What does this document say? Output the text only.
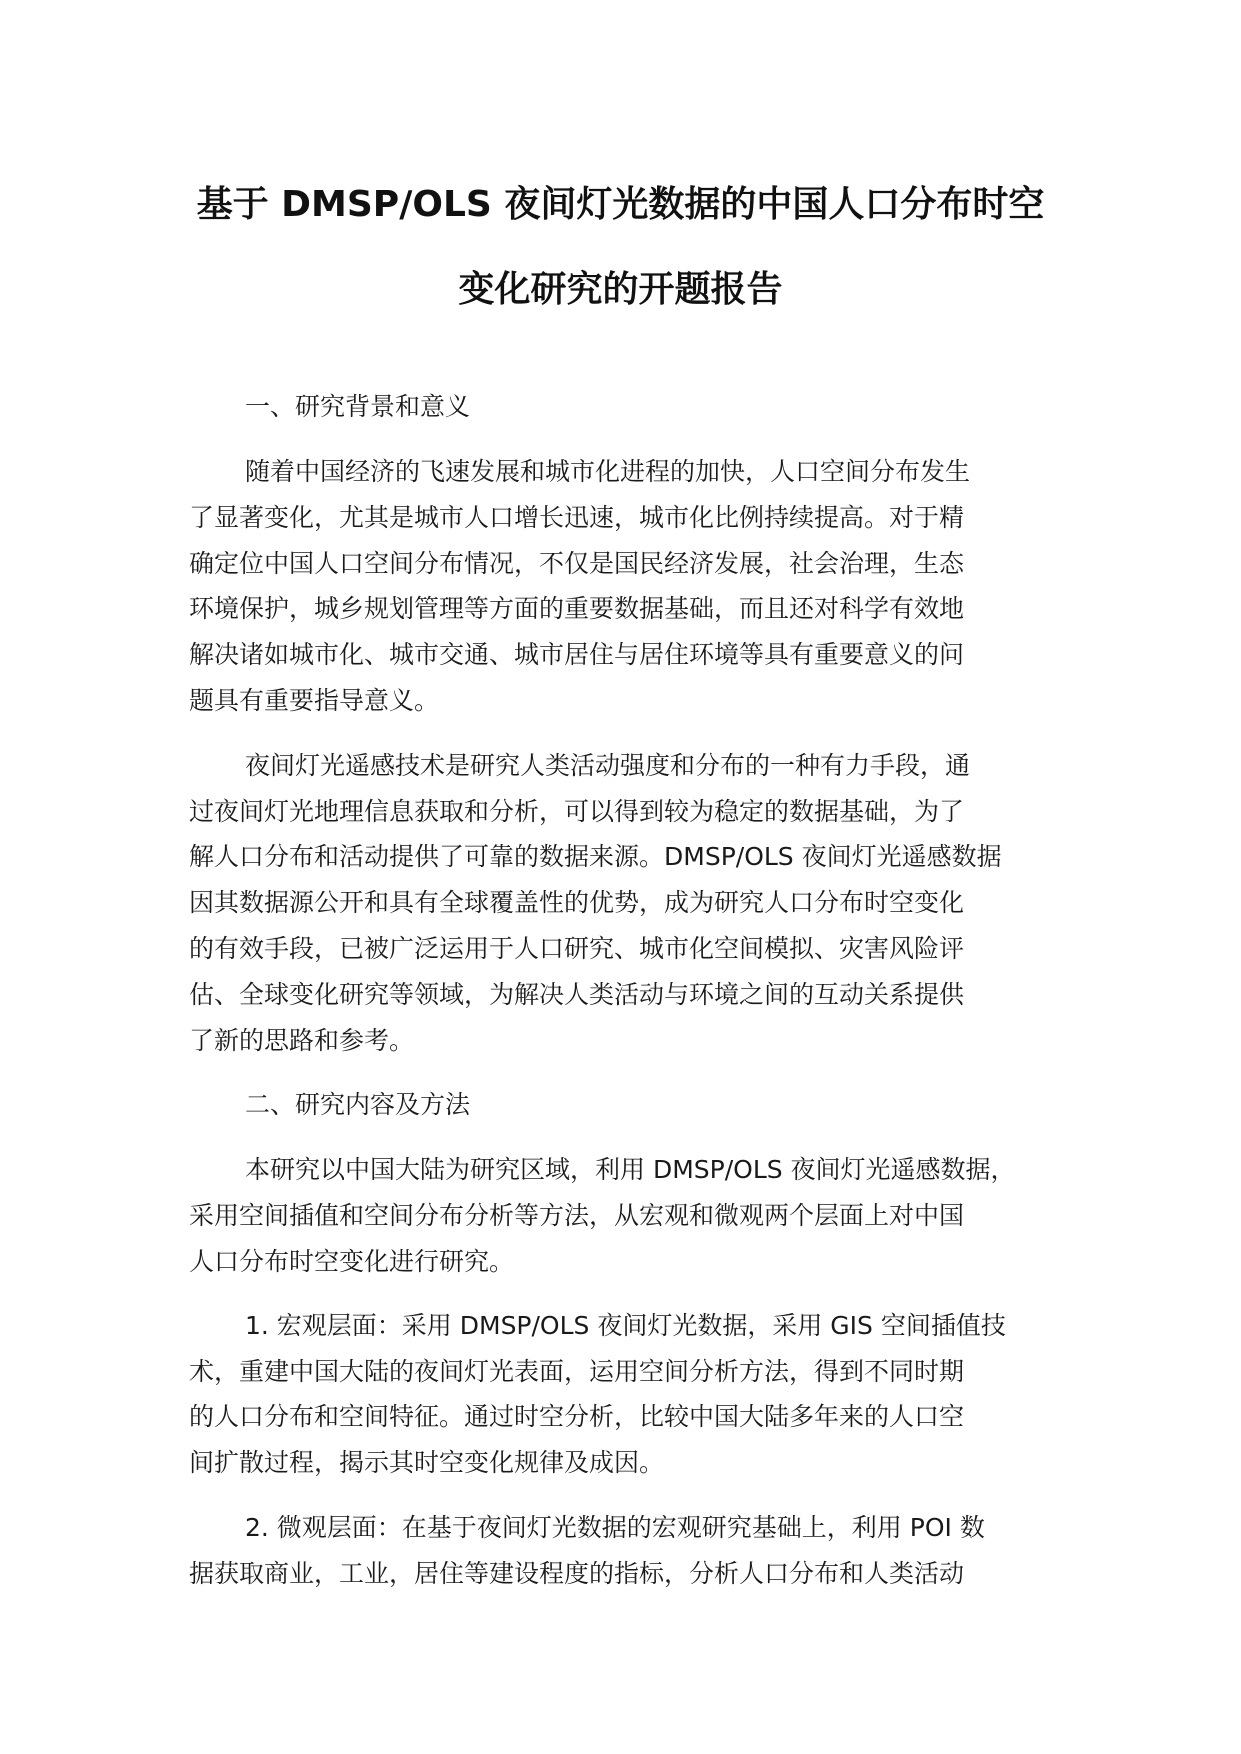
基于 DMSP/OLS 夜间灯光数据的中国人口分布时空
变化研究的开题报告
一、研究背景和意义
随着中国经济的飞速发展和城市化进程的加快，人口空间分布发生
了显著变化，尤其是城市人口增长迅速，城市化比例持续提高。对于精
确定位中国人口空间分布情况，不仅是国民经济发展，社会治理，生态
环境保护，城乡规划管理等方面的重要数据基础，而且还对科学有效地
解决诸如城市化、城市交通、城市居住与居住环境等具有重要意义的问
题具有重要指导意义。
夜间灯光遥感技术是研究人类活动强度和分布的一种有力手段，通
过夜间灯光地理信息获取和分析，可以得到较为稳定的数据基础，为了
解人口分布和活动提供了可靠的数据来源。DMSP/OLS 夜间灯光遥感数据
因其数据源公开和具有全球覆盖性的优势，成为研究人口分布时空变化
的有效手段，已被广泛运用于人口研究、城市化空间模拟、灾害风险评
估、全球变化研究等领域，为解决人类活动与环境之间的互动关系提供
了新的思路和参考。
二、研究内容及方法
本研究以中国大陆为研究区域，利用 DMSP/OLS 夜间灯光遥感数据，
采用空间插值和空间分布分析等方法，从宏观和微观两个层面上对中国
人口分布时空变化进行研究。
1. 宏观层面：采用 DMSP/OLS 夜间灯光数据，采用 GIS 空间插值技
术，重建中国大陆的夜间灯光表面，运用空间分析方法，得到不同时期
的人口分布和空间特征。通过时空分析，比较中国大陆多年来的人口空
间扩散过程，揭示其时空变化规律及成因。
2. 微观层面：在基于夜间灯光数据的宏观研究基础上，利用 POI 数
据获取商业，工业，居住等建设程度的指标，分析人口分布和人类活动
